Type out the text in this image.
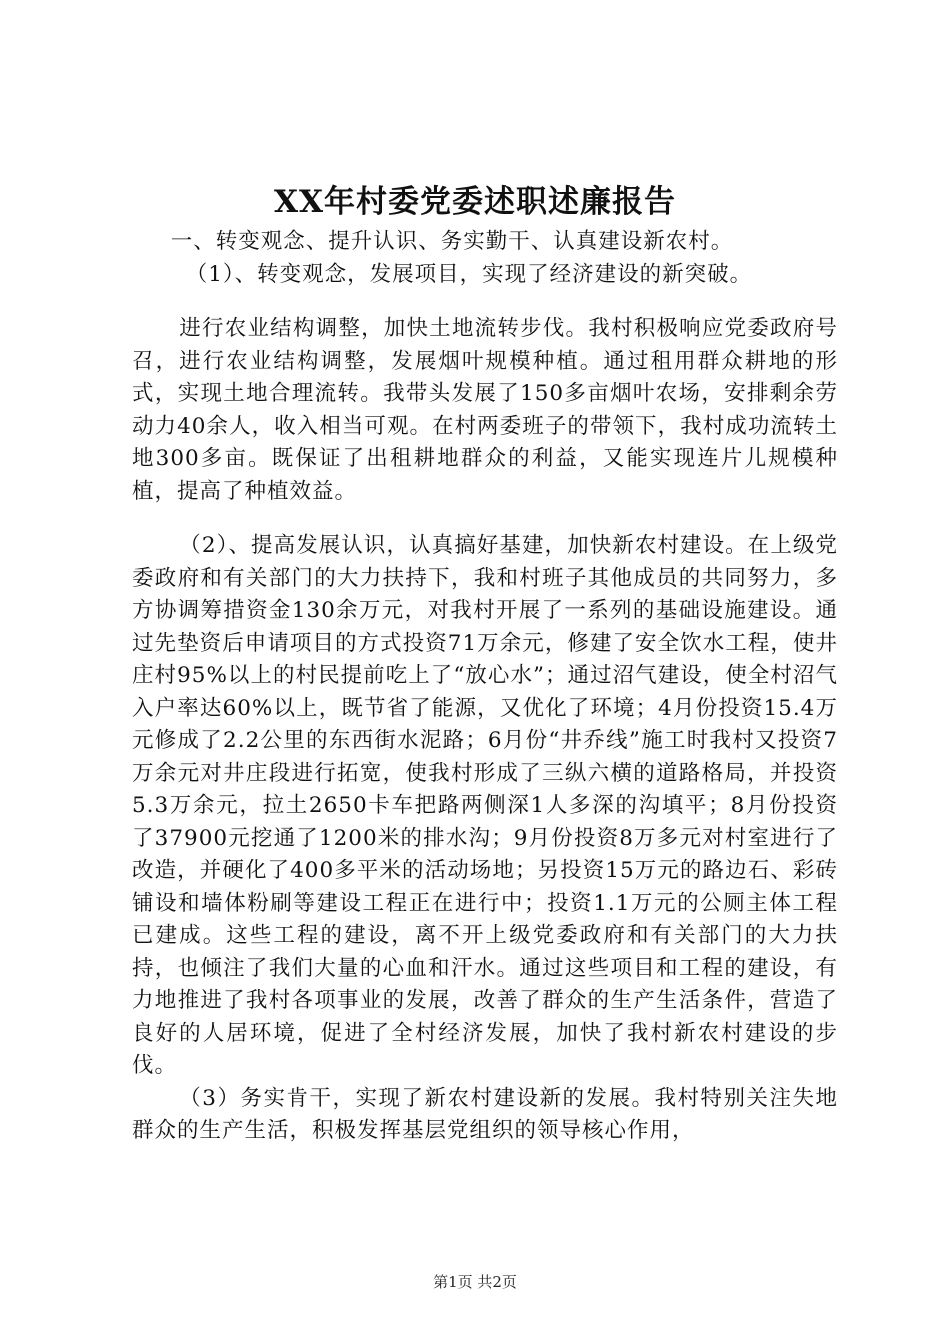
XX年村委党委述职述廉报告

一、转变观念、提升认识、务实勤干、认真建设新农村。

（1）、转变观念，发展项目，实现了经济建设的新突破。

进行农业结构调整，加快土地流转步伐。我村积极响应党委政府号召，进行农业结构调整，发展烟叶规模种植。通过租用群众耕地的形式，实现土地合理流转。我带头发展了150多亩烟叶农场，安排剩余劳动力40余人，收入相当可观。在村两委班子的带领下，我村成功流转土地300多亩。既保证了出租耕地群众的利益，又能实现连片儿规模种植，提高了种植效益。

（2）、提高发展认识，认真搞好基建，加快新农村建设。在上级党委政府和有关部门的大力扶持下，我和村班子其他成员的共同努力，多方协调筹措资金130余万元，对我村开展了一系列的基础设施建设。通过先垫资后申请项目的方式投资71万余元，修建了安全饮水工程，使井庄村95%以上的村民提前吃上了“放心水”；通过沼气建设，使全村沼气入户率达60%以上，既节省了能源，又优化了环境；4月份投资15.4万元修成了2.2公里的东西街水泥路；6月份“井乔线”施工时我村又投资7万余元对井庄段进行拓宽，使我村形成了三纵六横的道路格局，并投资5.3万余元，拉土2650卡车把路两侧深1人多深的沟填平；8月份投资了37900元挖通了1200米的排水沟；9月份投资8万多元对村室进行了改造，并硬化了400多平米的活动场地；另投资15万元的路边石、彩砖铺设和墙体粉刷等建设工程正在进行中；投资1.1万元的公厕主体工程已建成。这些工程的建设，离不开上级党委政府和有关部门的大力扶持，也倾注了我们大量的心血和汗水。通过这些项目和工程的建设，有力地推进了我村各项事业的发展，改善了群众的生产生活条件，营造了良好的人居环境，促进了全村经济发展，加快了我村新农村建设的步伐。

（3）务实肯干，实现了新农村建设新的发展。我村特别关注失地群众的生产生活，积极发挥基层党组织的领导核心作用，

第1页 共2页
